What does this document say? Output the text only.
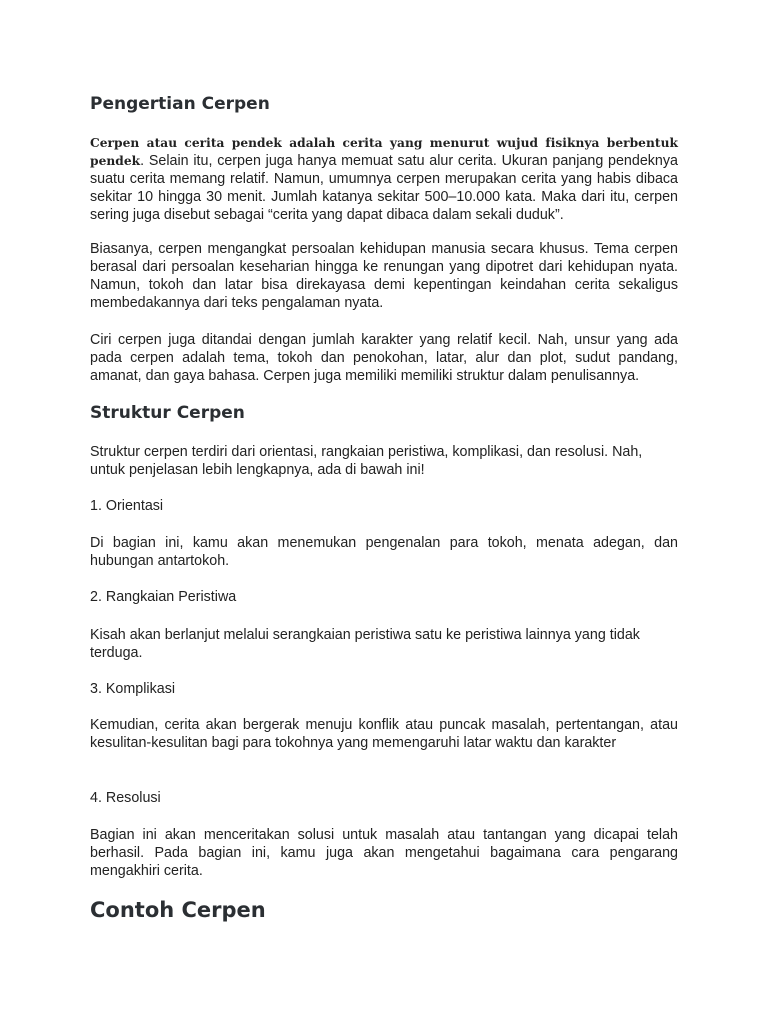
Pengertian Cerpen

Cerpen atau cerita pendek adalah cerita yang menurut wujud fisiknya berbentuk pendek. Selain itu, cerpen juga hanya memuat satu alur cerita. Ukuran panjang pendeknya suatu cerita memang relatif. Namun, umumnya cerpen merupakan cerita yang habis dibaca sekitar 10 hingga 30 menit. Jumlah katanya sekitar 500–10.000 kata. Maka dari itu, cerpen sering juga disebut sebagai “cerita yang dapat dibaca dalam sekali duduk”.

Biasanya, cerpen mengangkat persoalan kehidupan manusia secara khusus. Tema cerpen berasal dari persoalan keseharian hingga ke renungan yang dipotret dari kehidupan nyata. Namun, tokoh dan latar bisa direkayasa demi kepentingan keindahan cerita sekaligus membedakannya dari teks pengalaman nyata.

Ciri cerpen juga ditandai dengan jumlah karakter yang relatif kecil. Nah, unsur yang ada pada cerpen adalah tema, tokoh dan penokohan, latar, alur dan plot, sudut pandang, amanat, dan gaya bahasa. Cerpen juga memiliki memiliki struktur dalam penulisannya.

Struktur Cerpen

Struktur cerpen terdiri dari orientasi, rangkaian peristiwa, komplikasi, dan resolusi. Nah, untuk penjelasan lebih lengkapnya, ada di bawah ini!

1. Orientasi

Di bagian ini, kamu akan menemukan pengenalan para tokoh, menata adegan, dan hubungan antartokoh.

2. Rangkaian Peristiwa

Kisah akan berlanjut melalui serangkaian peristiwa satu ke peristiwa lainnya yang tidak terduga.

3. Komplikasi

Kemudian, cerita akan bergerak menuju konflik atau puncak masalah, pertentangan, atau kesulitan-kesulitan bagi para tokohnya yang memengaruhi latar waktu dan karakter

4. Resolusi

Bagian ini akan menceritakan solusi untuk masalah atau tantangan yang dicapai telah berhasil. Pada bagian ini, kamu juga akan mengetahui bagaimana cara pengarang mengakhiri cerita.

Contoh Cerpen
